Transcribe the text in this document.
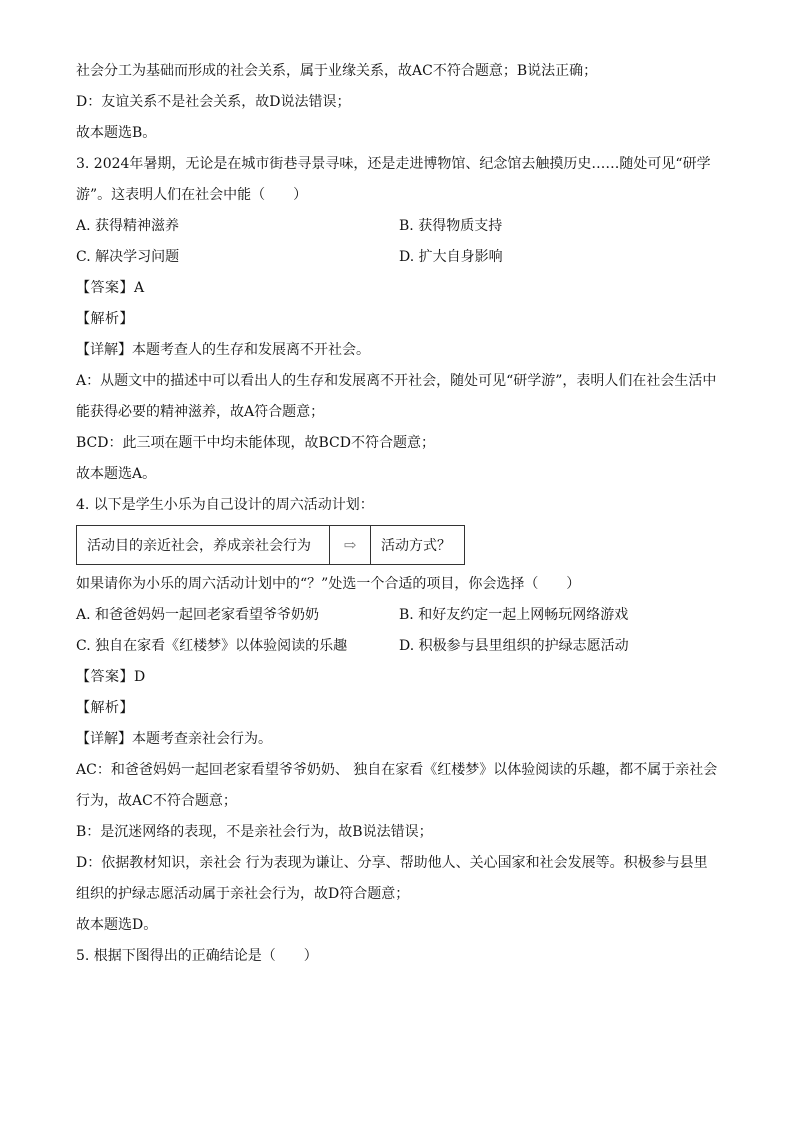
社会分工为基础而形成的社会关系，属于业缘关系，故AC不符合题意；B说法正确；
D：友谊关系不是社会关系，故D说法错误；
故本题选B。
3. 2024年暑期，无论是在城市街巷寻景寻味，还是走进博物馆、纪念馆去触摸历史……随处可见“研学
游”。这表明人们在社会中能（　　）
A. 获得精神滋养	B. 获得物质支持
C. 解决学习问题	D. 扩大自身影响
【答案】A
【解析】
【详解】本题考查人的生存和发展离不开社会。
A：从题文中的描述中可以看出人的生存和发展离不开社会，随处可见“研学游”，表明人们在社会生活中
能获得必要的精神滋养，故A符合题意；
BCD：此三项在题干中均未能体现，故BCD不符合题意；
故本题选A。
4. 以下是学生小乐为自己设计的周六活动计划：
活动目的亲近社会，养成亲社会行为	⇨	活动方式？
如果请你为小乐的周六活动计划中的“？”处选一个合适的项目，你会选择（　　）
A. 和爸爸妈妈一起回老家看望爷爷奶奶	B. 和好友约定一起上网畅玩网络游戏
C. 独自在家看《红楼梦》以体验阅读的乐趣	D. 积极参与县里组织的护绿志愿活动
【答案】D
【解析】
【详解】本题考查亲社会行为。
AC：和爸爸妈妈一起回老家看望爷爷奶奶、 独自在家看《红楼梦》以体验阅读的乐趣，都不属于亲社会
行为，故AC不符合题意；
B：是沉迷网络的表现，不是亲社会行为，故B说法错误；
D：依据教材知识，亲社会 行为表现为谦让、分享、帮助他人、关心国家和社会发展等。积极参与县里
组织的护绿志愿活动属于亲社会行为，故D符合题意；
故本题选D。
5. 根据下图得出的正确结论是（　　）
